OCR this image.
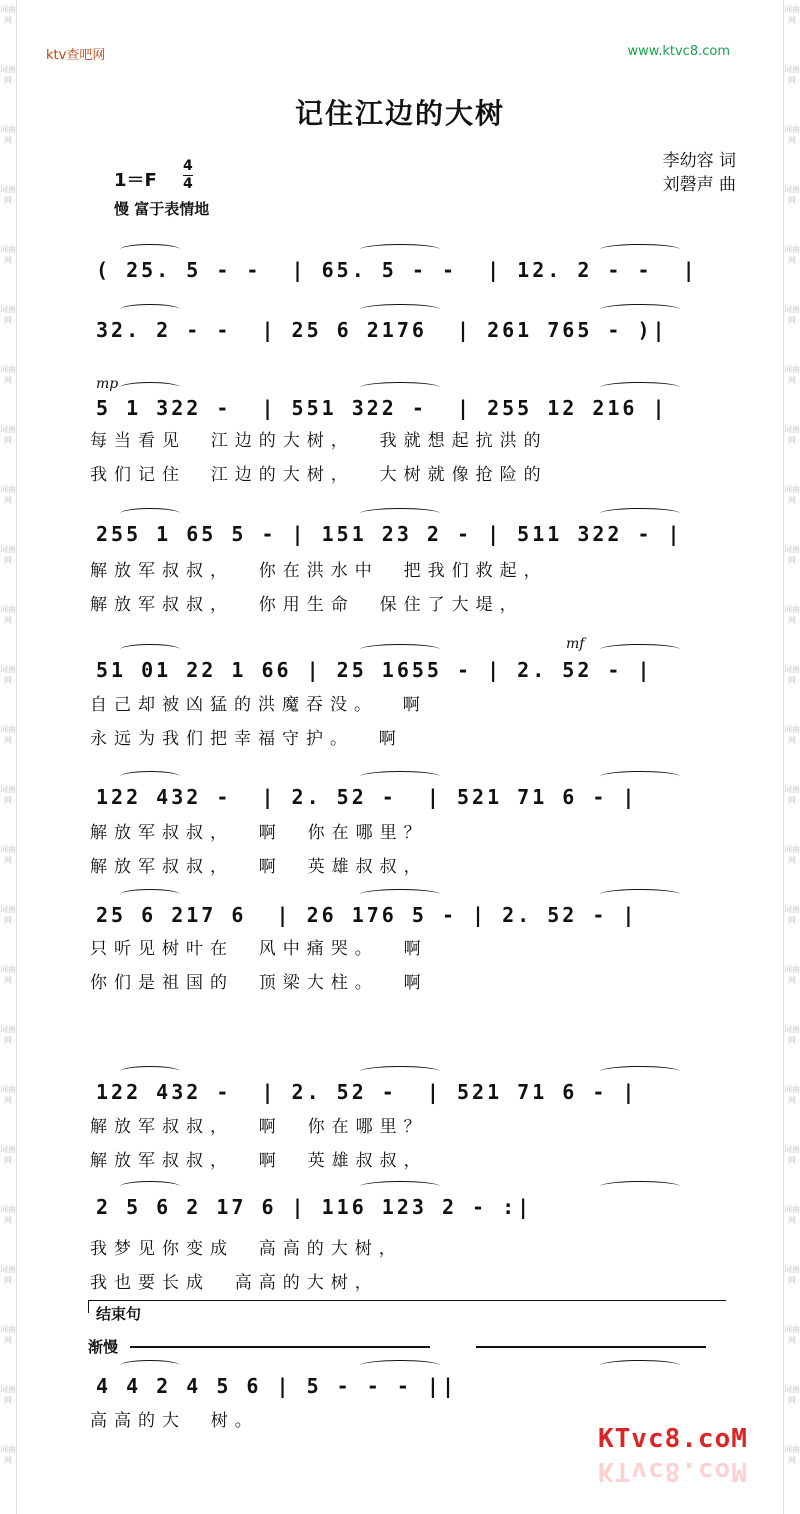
词曲网
词曲网
词曲网
词曲网
词曲网
词曲网
词曲网
词曲网
词曲网
词曲网
词曲网
词曲网
词曲网
词曲网
词曲网
词曲网
词曲网
词曲网
词曲网
词曲网
词曲网
词曲网
词曲网
词曲网
词曲网
词曲网
词曲网
词曲网
词曲网
词曲网
词曲网
词曲网
词曲网
词曲网
词曲网
词曲网
词曲网
词曲网
词曲网
词曲网
词曲网
词曲网
词曲网
词曲网
词曲网
词曲网
词曲网
词曲网
词曲网
词曲网
ktv查吧网	www.ktvc8.com
记住江边的大树
李幼容 词
刘磬声 曲
$1=F \frac{4}{4}$
慢 富于表情地
mp
mf
( 25. 5 - -  | 65. 5 - -  | 12. 2 - -  |
32. 2 - -  | 25 6 2176  | 261 765 - )|
5 1 322 -  | 551 322 -  | 255 12 216 |
每当看见  江边的大树，  我就想起抗洪的
我们记住  江边的大树，  大树就像抢险的
255 1 65 5 - | 151 23 2 - | 511 322 - |
解放军叔叔，  你在洪水中  把我们救起，
解放军叔叔，  你用生命  保住了大堤，
51 01 22 1 66 | 25 1655 - | 2. 52 - |
自己却被凶猛的洪魔吞没。  啊
永远为我们把幸福守护。  啊
122 432 -  | 2. 52 -  | 521 71 6 - |
解放军叔叔，  啊  你在哪里？
解放军叔叔，  啊  英雄叔叔，
25 6 217 6  | 26 176 5 - | 2. 52 - |
只听见树叶在  风中痛哭。  啊
你们是祖国的  顶梁大柱。  啊
122 432 -  | 2. 52 -  | 521 71 6 - |
解放军叔叔，  啊  你在哪里？
解放军叔叔，  啊  英雄叔叔，
2 5 6 2 17 6 | 116 123 2 - :|
我梦见你变成  高高的大树，
我也要长成  高高的大树，
4 4 2 4 5 6 | 5 - - - ||
高高的大  树。
结束句
渐慢
KTvc8.coM
KTvc8.coM
